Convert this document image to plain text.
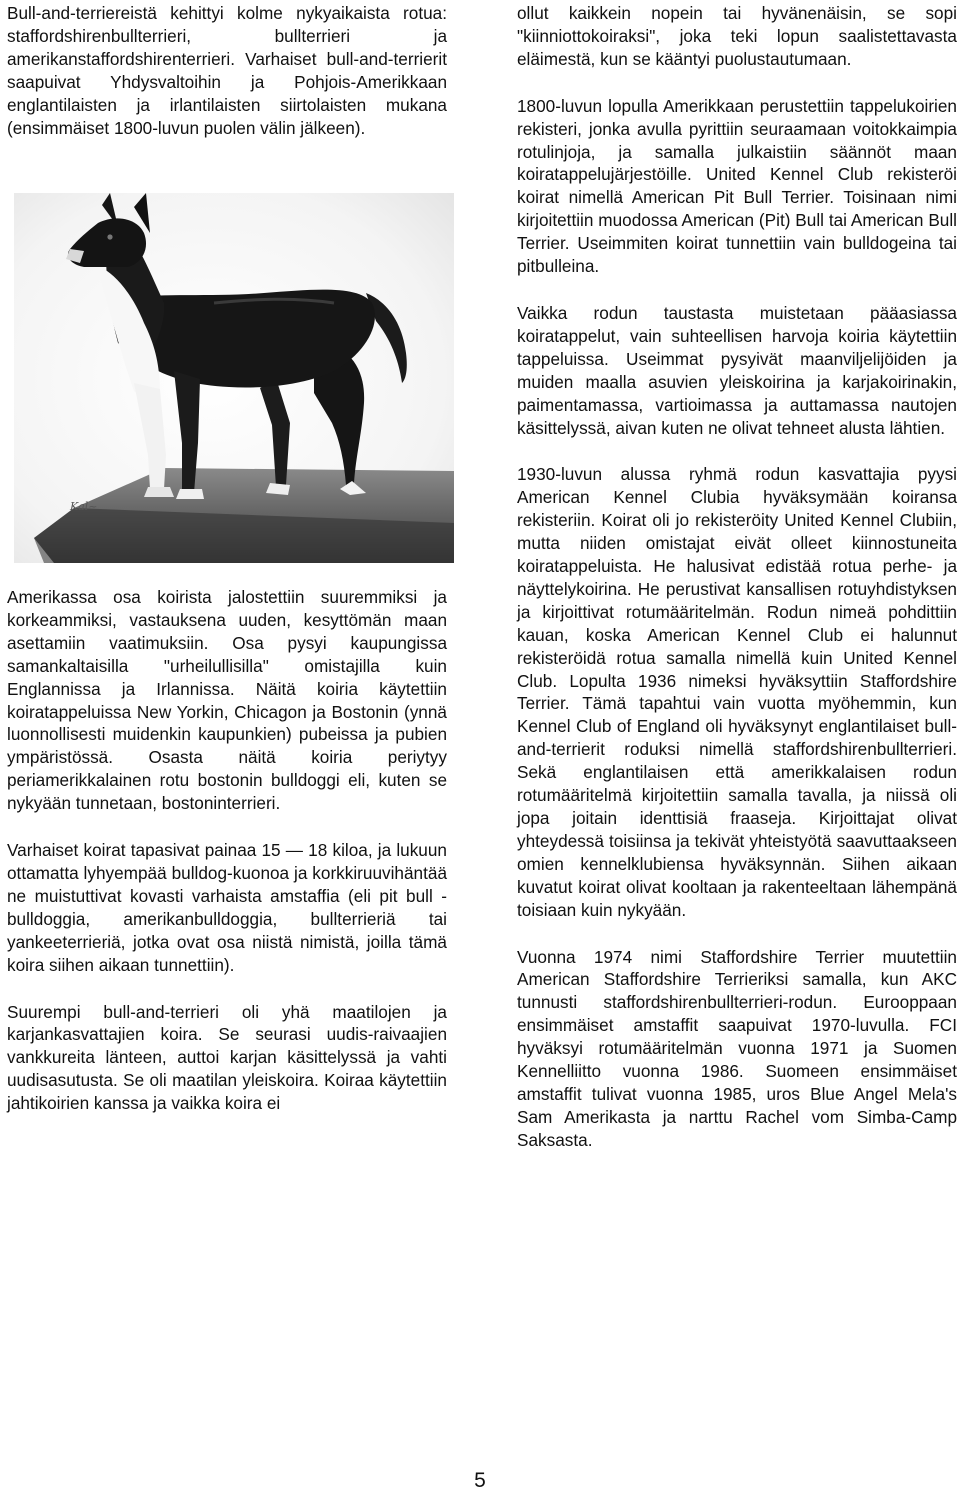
Bull-and-terriereistä kehittyi kolme nykyaikaista rotua: staffordshirenbullterrieri, bullterrieri ja amerikanstaffordshirenterrieri. Varhaiset bull-and-terrierit saapuivat Yhdysvaltoihin ja Pohjois-Amerikkaan englantilaisten ja irlantilaisten siirtolaisten mukana (ensimmäiset 1800-luvun puolen välin jälkeen).

Kal~

Amerikassa osa koirista jalostettiin suuremmiksi ja korkeammiksi, vastauksena uuden, kesyttömän maan asettamiin vaatimuksiin. Osa pysyi kaupungissa samankaltaisilla "urheilullisilla" omistajilla kuin Englannissa ja Irlannissa. Näitä koiria käytettiin koiratappeluissa New Yorkin, Chicagon ja Bostonin (ynnä luonnollisesti muidenkin kaupunkien) pubeissa ja pubien ympäristössä. Osasta näitä koiria periytyy periamerikkalainen rotu bostonin bulldoggi eli, kuten se nykyään tunnetaan, bostoninterrieri.

Varhaiset koirat tapasivat painaa 15 — 18 kiloa, ja lukuun ottamatta lyhyempää bulldog-kuonoa ja korkkiruuvihäntää ne muistuttivat kovasti varhaista amstaffia (eli pit bull -bulldoggia, amerikanbulldoggia, bullterrieriä tai yankeeterrieriä, jotka ovat osa niistä nimistä, joilla tämä koira siihen aikaan tunnettiin).

Suurempi bull-and-terrieri oli yhä maatilojen ja karjankasvattajien koira. Se seurasi uudis-raivaajien vankkureita länteen, auttoi karjan käsittelyssä ja vahti uudisasutusta. Se oli maatilan yleiskoira. Koiraa käytettiin jahtikoirien kanssa ja vaikka koira ei

ollut kaikkein nopein tai hyvänenäisin, se sopi "kiinniottokoiraksi", joka teki lopun saalistettavasta eläimestä, kun se kääntyi puolustautumaan.

1800-luvun lopulla Amerikkaan perustettiin tappelukoirien rekisteri, jonka avulla pyrittiin seuraamaan voitokkaimpia rotulinjoja, ja samalla julkaistiin säännöt maan koiratappelujärjestöille. United Kennel Club rekisteröi koirat nimellä American Pit Bull Terrier. Toisinaan nimi kirjoitettiin muodossa American (Pit) Bull tai American Bull Terrier. Useimmiten koirat tunnettiin vain bulldogeina tai pitbulleina.

Vaikka rodun taustasta muistetaan pääasiassa koiratappelut, vain suhteellisen harvoja koiria käytettiin tappeluissa. Useimmat pysyivät maanviljelijöiden ja muiden maalla asuvien yleiskoirina ja karjakoirinakin, paimentamassa, vartioimassa ja auttamassa nautojen käsittelyssä, aivan kuten ne olivat tehneet alusta lähtien.

1930-luvun alussa ryhmä rodun kasvattajia pyysi American Kennel Clubia hyväksymään koiransa rekisteriin. Koirat oli jo rekisteröity United Kennel Clubiin, mutta niiden omistajat eivät olleet kiinnostuneita koiratappeluista. He halusivat edistää rotua perhe- ja näyttelykoirina. He perustivat kansallisen rotuyhdistyksen ja kirjoittivat rotumääritelmän. Rodun nimeä pohdittiin kauan, koska American Kennel Club ei halunnut rekisteröidä rotua samalla nimellä kuin United Kennel Club. Lopulta 1936 nimeksi hyväksyttiin Staffordshire Terrier. Tämä tapahtui vain vuotta myöhemmin, kun Kennel Club of England oli hyväksynyt englantilaiset bull-and-terrierit roduksi nimellä staffordshirenbullterrieri. Sekä englantilaisen että amerikkalaisen rodun rotumääritelmä kirjoitettiin samalla tavalla, ja niissä oli jopa joitain identtisiä fraaseja. Kirjoittajat olivat yhteydessä toisiinsa ja tekivät yhteistyötä saavuttaakseen omien kennelklubiensa hyväksynnän. Siihen aikaan kuvatut koirat olivat kooltaan ja rakenteeltaan lähempänä toisiaan kuin nykyään.

Vuonna 1974 nimi Staffordshire Terrier muutettiin American Staffordshire Terrieriksi samalla, kun AKC tunnusti staffordshirenbullterrieri-rodun. Eurooppaan ensimmäiset amstaffit saapuivat 1970-luvulla. FCI hyväksyi rotumääritelmän vuonna 1971 ja Suomen Kennelliitto vuonna 1986. Suomeen ensimmäiset amstaffit tulivat vuonna 1985, uros Blue Angel Mela's Sam Amerikasta ja narttu Rachel vom Simba-Camp Saksasta.

5
